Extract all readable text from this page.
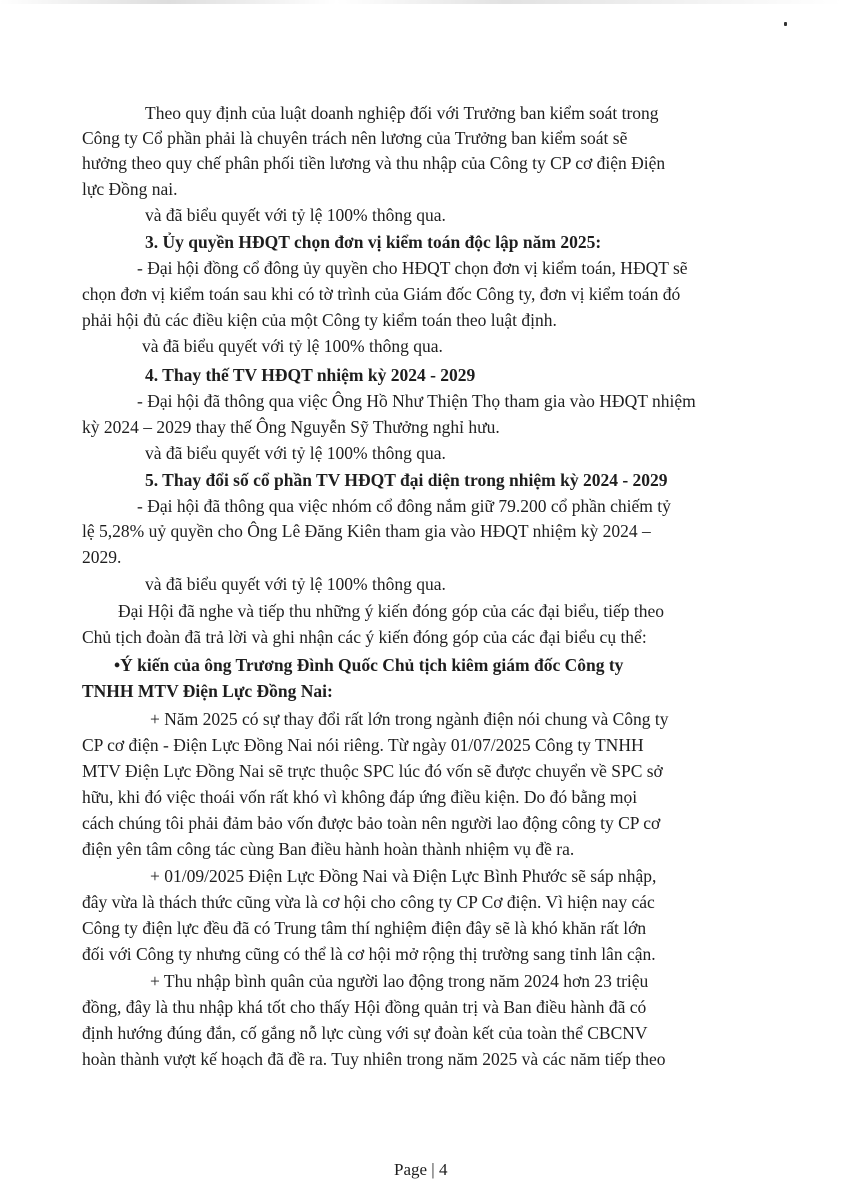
Theo quy định của luật doanh nghiệp đối với Trưởng ban kiểm soát trong
Công ty Cổ phần phải là chuyên trách nên lương của Trưởng ban kiểm soát sẽ
hưởng theo quy chế phân phối tiền lương và thu nhập của Công ty CP cơ điện Điện
lực Đồng nai.
và đã biểu quyết với tỷ lệ 100% thông qua.
3. Ủy quyền HĐQT chọn đơn vị kiểm toán độc lập năm 2025:
- Đại hội đồng cổ đông ủy quyền cho HĐQT chọn đơn vị kiểm toán, HĐQT sẽ
chọn đơn vị kiểm toán sau khi có tờ trình của Giám đốc Công ty, đơn vị kiểm toán đó
phải hội đủ các điều kiện của một Công ty kiểm toán theo luật định.
và đã biểu quyết với tỷ lệ 100% thông qua.
4. Thay thế TV HĐQT nhiệm kỳ 2024 - 2029
- Đại hội đã thông qua việc Ông Hồ Như Thiện Thọ tham gia vào HĐQT nhiệm
kỳ 2024 – 2029 thay thế Ông Nguyễn Sỹ Thưởng nghỉ hưu.
và đã biểu quyết với tỷ lệ 100% thông qua.
5. Thay đổi số cổ phần TV HĐQT đại diện trong nhiệm kỳ 2024 - 2029
- Đại hội đã thông qua việc nhóm cổ đông nắm giữ 79.200 cổ phần chiếm tỷ
lệ 5,28% uỷ quyền cho Ông Lê Đăng Kiên tham gia vào HĐQT nhiệm kỳ 2024 –
2029.
và đã biểu quyết với tỷ lệ 100% thông qua.
Đại Hội đã nghe và tiếp thu những ý kiến đóng góp của các đại biểu, tiếp theo
Chủ tịch đoàn đã trả lời và ghi nhận các ý kiến đóng góp của các đại biểu cụ thể:
•Ý kiến của ông Trương Đình Quốc Chủ tịch kiêm giám đốc Công ty
TNHH MTV Điện Lực Đồng Nai:
+ Năm 2025 có sự thay đổi rất lớn trong ngành điện nói chung và Công ty
CP cơ điện - Điện Lực Đồng Nai nói riêng. Từ ngày 01/07/2025 Công ty TNHH
MTV Điện Lực Đồng Nai sẽ trực thuộc SPC lúc đó vốn sẽ được chuyển về SPC sở
hữu, khi đó việc thoái vốn rất khó vì không đáp ứng điều kiện. Do đó bằng mọi
cách chúng tôi phải đảm bảo vốn được bảo toàn nên người lao động công ty CP cơ
điện yên tâm công tác cùng Ban điều hành hoàn thành nhiệm vụ đề ra.
+ 01/09/2025 Điện Lực Đồng Nai và Điện Lực Bình Phước sẽ sáp nhập,
đây vừa là thách thức cũng vừa là cơ hội cho công ty CP Cơ điện. Vì hiện nay các
Công ty điện lực đều đã có Trung tâm thí nghiệm điện đây sẽ là khó khăn rất lớn
đối với Công ty nhưng cũng có thể là cơ hội mở rộng thị trường sang tỉnh lân cận.
+ Thu nhập bình quân của người lao động trong năm 2024 hơn 23 triệu
đồng, đây là thu nhập khá tốt cho thấy Hội đồng quản trị và Ban điều hành đã có
định hướng đúng đắn, cố gắng nỗ lực cùng với sự đoàn kết của toàn thể CBCNV
hoàn thành vượt kế hoạch đã đề ra. Tuy nhiên trong năm 2025 và các năm tiếp theo
Page | 4
